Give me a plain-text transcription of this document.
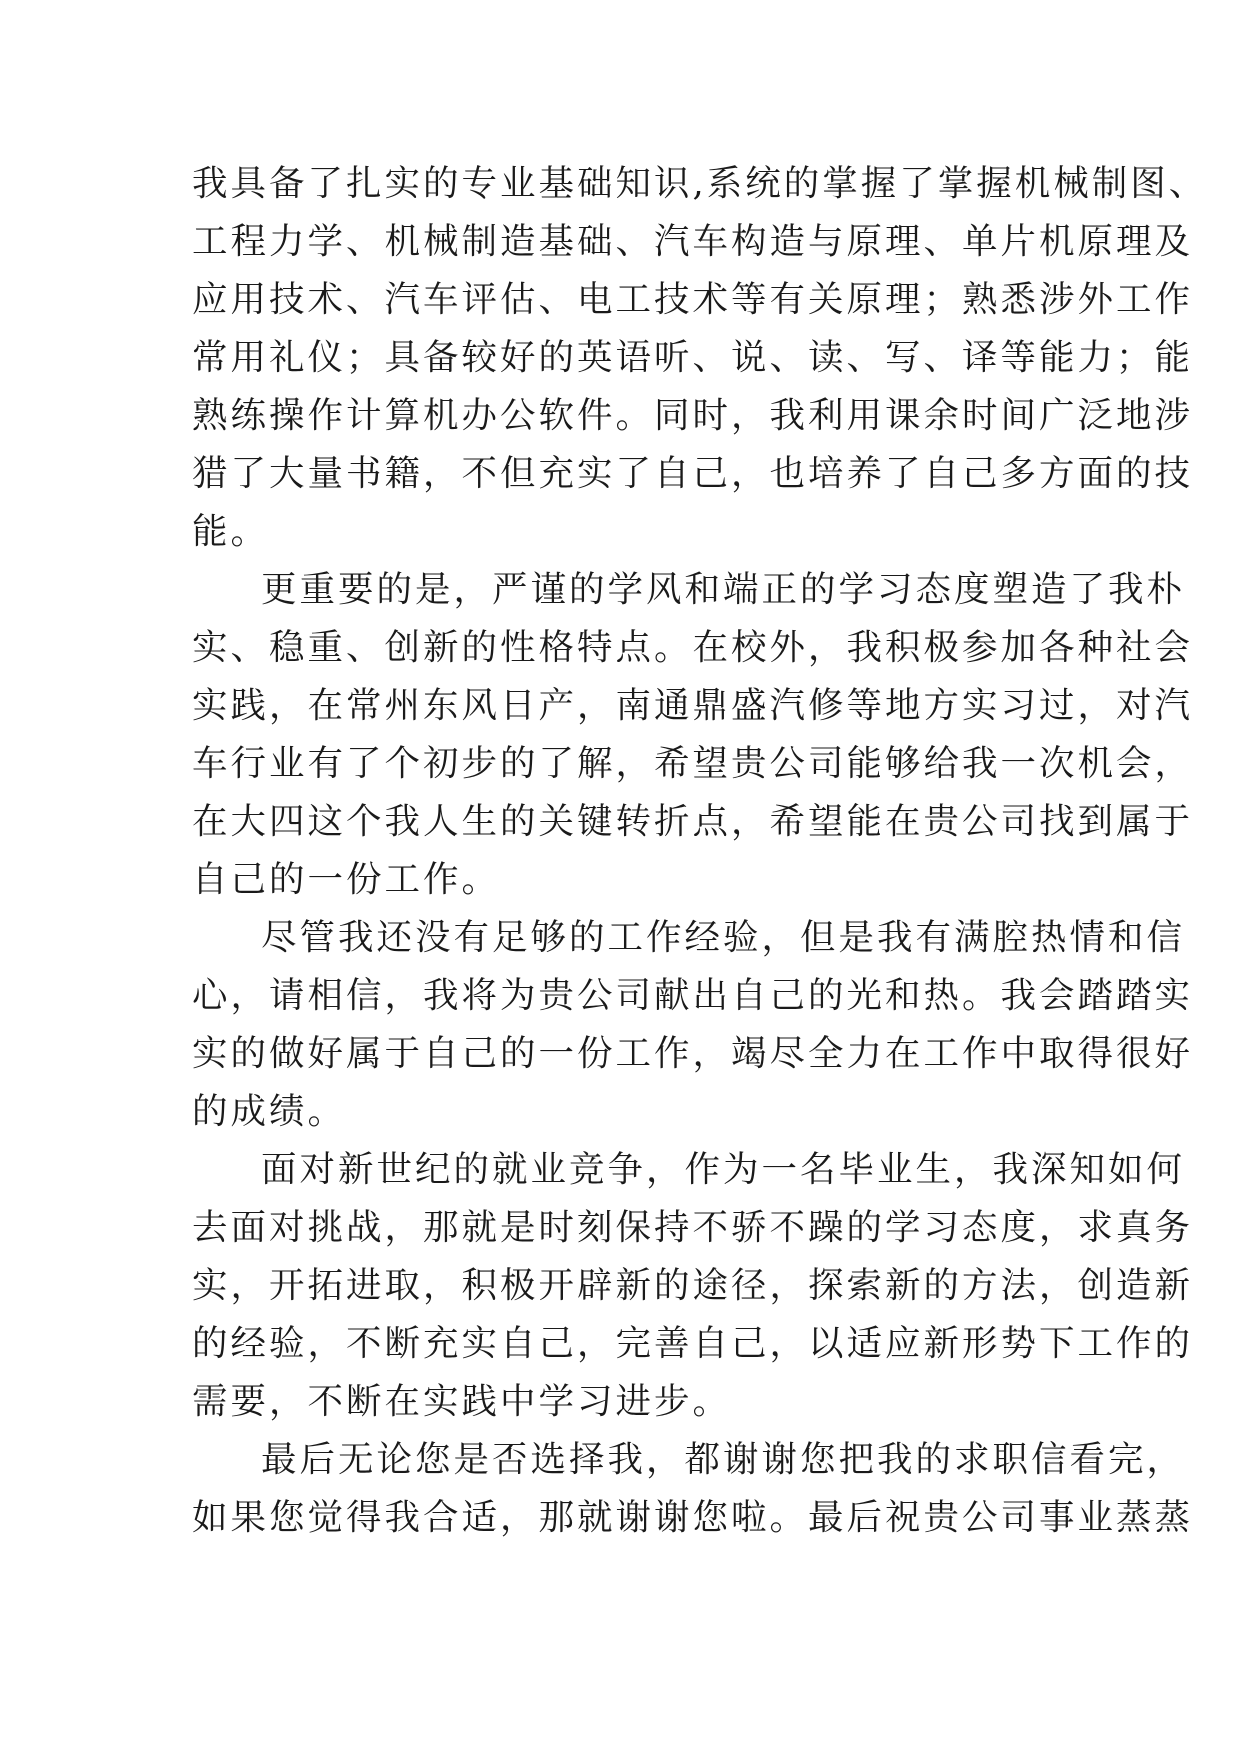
我具备了扎实的专业基础知识,系统的掌握了掌握机械制图、
工程力学、机械制造基础、汽车构造与原理、单片机原理及
应用技术、汽车评估、电工技术等有关原理；熟悉涉外工作
常用礼仪；具备较好的英语听、说、读、写、译等能力；能
熟练操作计算机办公软件。同时，我利用课余时间广泛地涉
猎了大量书籍，不但充实了自己，也培养了自己多方面的技
能。
更重要的是，严谨的学风和端正的学习态度塑造了我朴
实、稳重、创新的性格特点。在校外，我积极参加各种社会
实践，在常州东风日产，南通鼎盛汽修等地方实习过，对汽
车行业有了个初步的了解，希望贵公司能够给我一次机会，
在大四这个我人生的关键转折点，希望能在贵公司找到属于
自己的一份工作。
尽管我还没有足够的工作经验，但是我有满腔热情和信
心，请相信，我将为贵公司献出自己的光和热。我会踏踏实
实的做好属于自己的一份工作，竭尽全力在工作中取得很好
的成绩。
面对新世纪的就业竞争，作为一名毕业生，我深知如何
去面对挑战，那就是时刻保持不骄不躁的学习态度，求真务
实，开拓进取，积极开辟新的途径，探索新的方法，创造新
的经验，不断充实自己，完善自己，以适应新形势下工作的
需要，不断在实践中学习进步。
最后无论您是否选择我，都谢谢您把我的求职信看完，
如果您觉得我合适，那就谢谢您啦。最后祝贵公司事业蒸蒸
